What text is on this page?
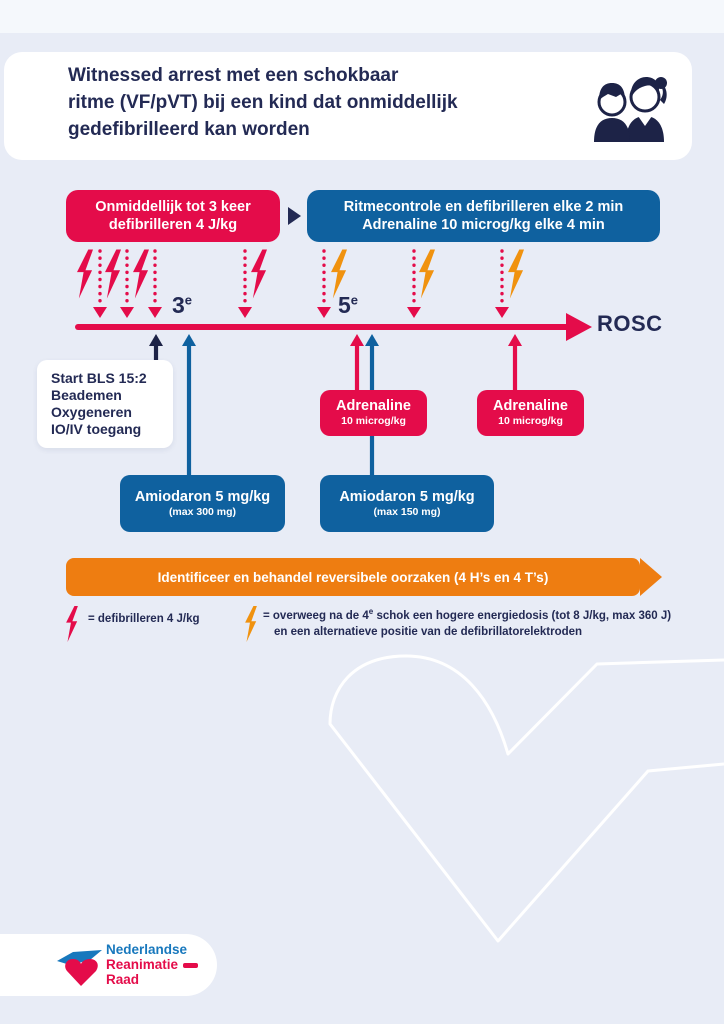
Witnessed arrest met een schokbaar
ritme (VF/pVT) bij een kind dat onmiddellijk
gedefibrilleerd kan worden
Onmiddellijk tot 3 keer
defibrilleren 4 J/kg
Ritmecontrole en defibrilleren elke 2 min
Adrenaline 10 microg/kg elke 4 min
3e	5e
ROSC
Start BLS 15:2
Beademen
Oxygeneren
IO/IV toegang
Adrenaline
10 microg/kg
Adrenaline
10 microg/kg
Amiodaron 5 mg/kg
(max 300 mg)
Amiodaron 5 mg/kg
(max 150 mg)
Identificeer en behandel reversibele oorzaken (4 H’s en 4 T’s)
= defibrilleren 4 J/kg	= overweeg na de 4e schok een hogere energiedosis (tot 8 J/kg, max 360 J)
en een alternatieve positie van de defibrillatorelektroden
Nederlandse
Reanimatie
Raad
